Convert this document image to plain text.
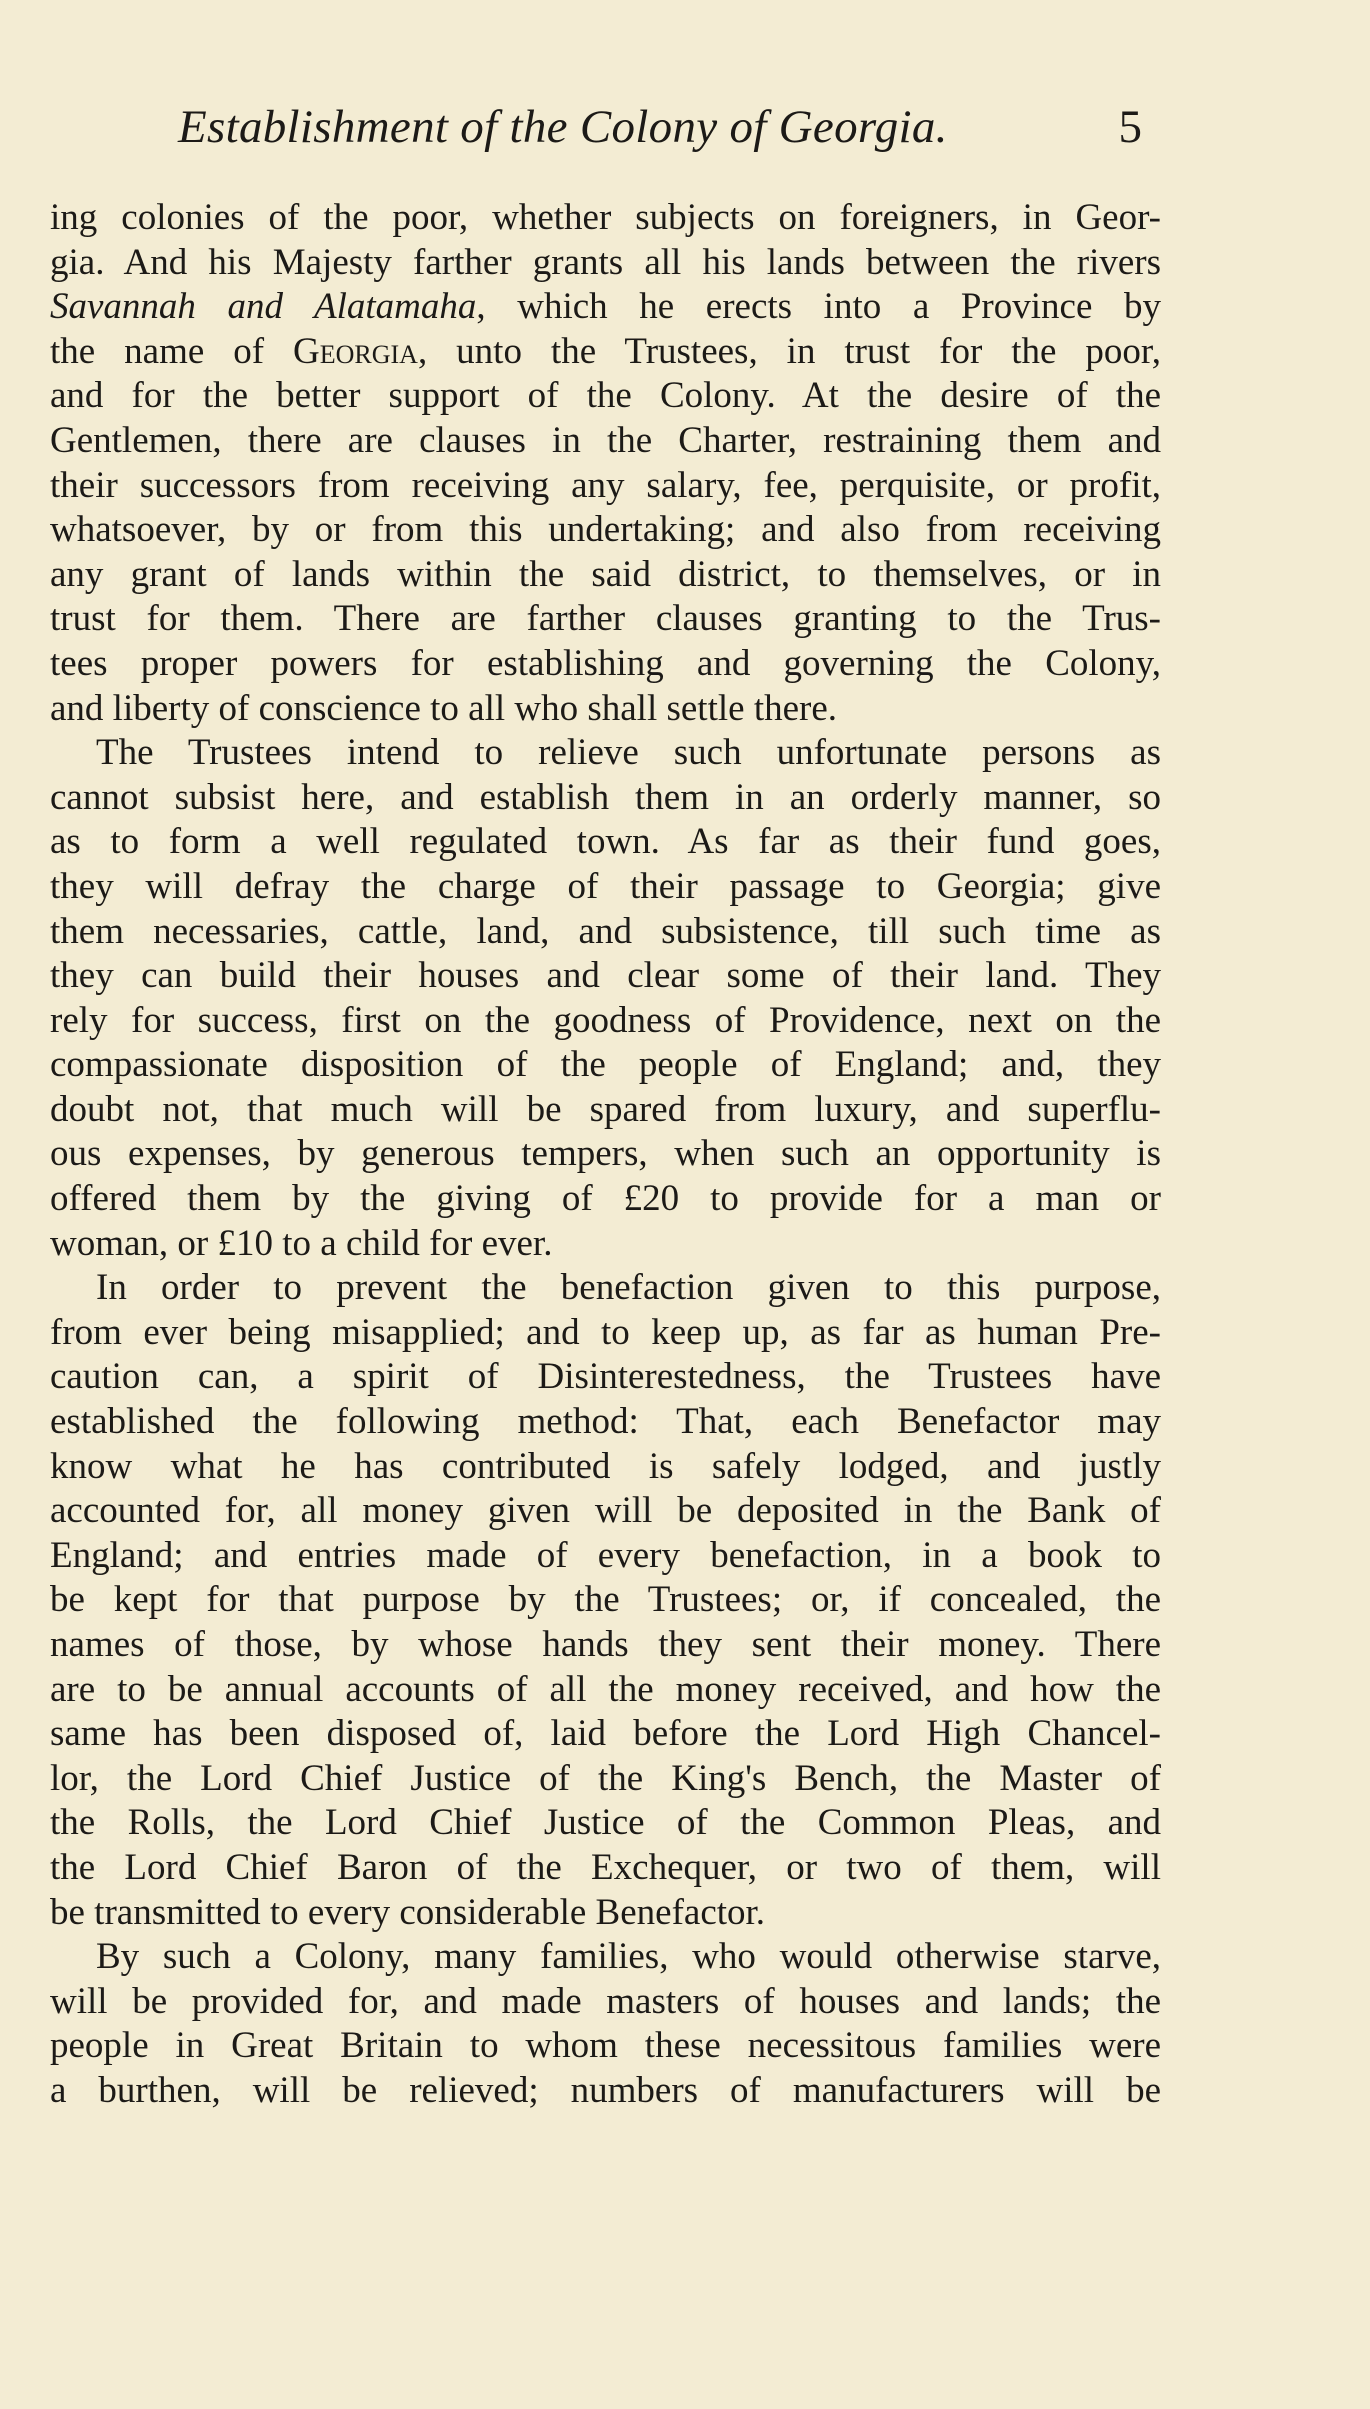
Establishment of the Colony of Georgia.	5
ing colonies of the poor, whether subjects on foreigners, in Geor-
gia. And his Majesty farther grants all his lands between the rivers
Savannah and Alatamaha, which he erects into a Province by
the name of Georgia, unto the Trustees, in trust for the poor,
and for the better support of the Colony. At the desire of the
Gentlemen, there are clauses in the Charter, restraining them and
their successors from receiving any salary, fee, perquisite, or profit,
whatsoever, by or from this undertaking; and also from receiving
any grant of lands within the said district, to themselves, or in
trust for them. There are farther clauses granting to the Trus-
tees proper powers for establishing and governing the Colony,
and liberty of conscience to all who shall settle there.
The Trustees intend to relieve such unfortunate persons as
cannot subsist here, and establish them in an orderly manner, so
as to form a well regulated town. As far as their fund goes,
they will defray the charge of their passage to Georgia; give
them necessaries, cattle, land, and subsistence, till such time as
they can build their houses and clear some of their land. They
rely for success, first on the goodness of Providence, next on the
compassionate disposition of the people of England; and, they
doubt not, that much will be spared from luxury, and superflu-
ous expenses, by generous tempers, when such an opportunity is
offered them by the giving of £20 to provide for a man or
woman, or £10 to a child for ever.
In order to prevent the benefaction given to this purpose,
from ever being misapplied; and to keep up, as far as human Pre-
caution can, a spirit of Disinterestedness, the Trustees have
established the following method: That, each Benefactor may
know what he has contributed is safely lodged, and justly
accounted for, all money given will be deposited in the Bank of
England; and entries made of every benefaction, in a book to
be kept for that purpose by the Trustees; or, if concealed, the
names of those, by whose hands they sent their money. There
are to be annual accounts of all the money received, and how the
same has been disposed of, laid before the Lord High Chancel-
lor, the Lord Chief Justice of the King's Bench, the Master of
the Rolls, the Lord Chief Justice of the Common Pleas, and
the Lord Chief Baron of the Exchequer, or two of them, will
be transmitted to every considerable Benefactor.
By such a Colony, many families, who would otherwise starve,
will be provided for, and made masters of houses and lands; the
people in Great Britain to whom these necessitous families were
a burthen, will be relieved; numbers of manufacturers will be
